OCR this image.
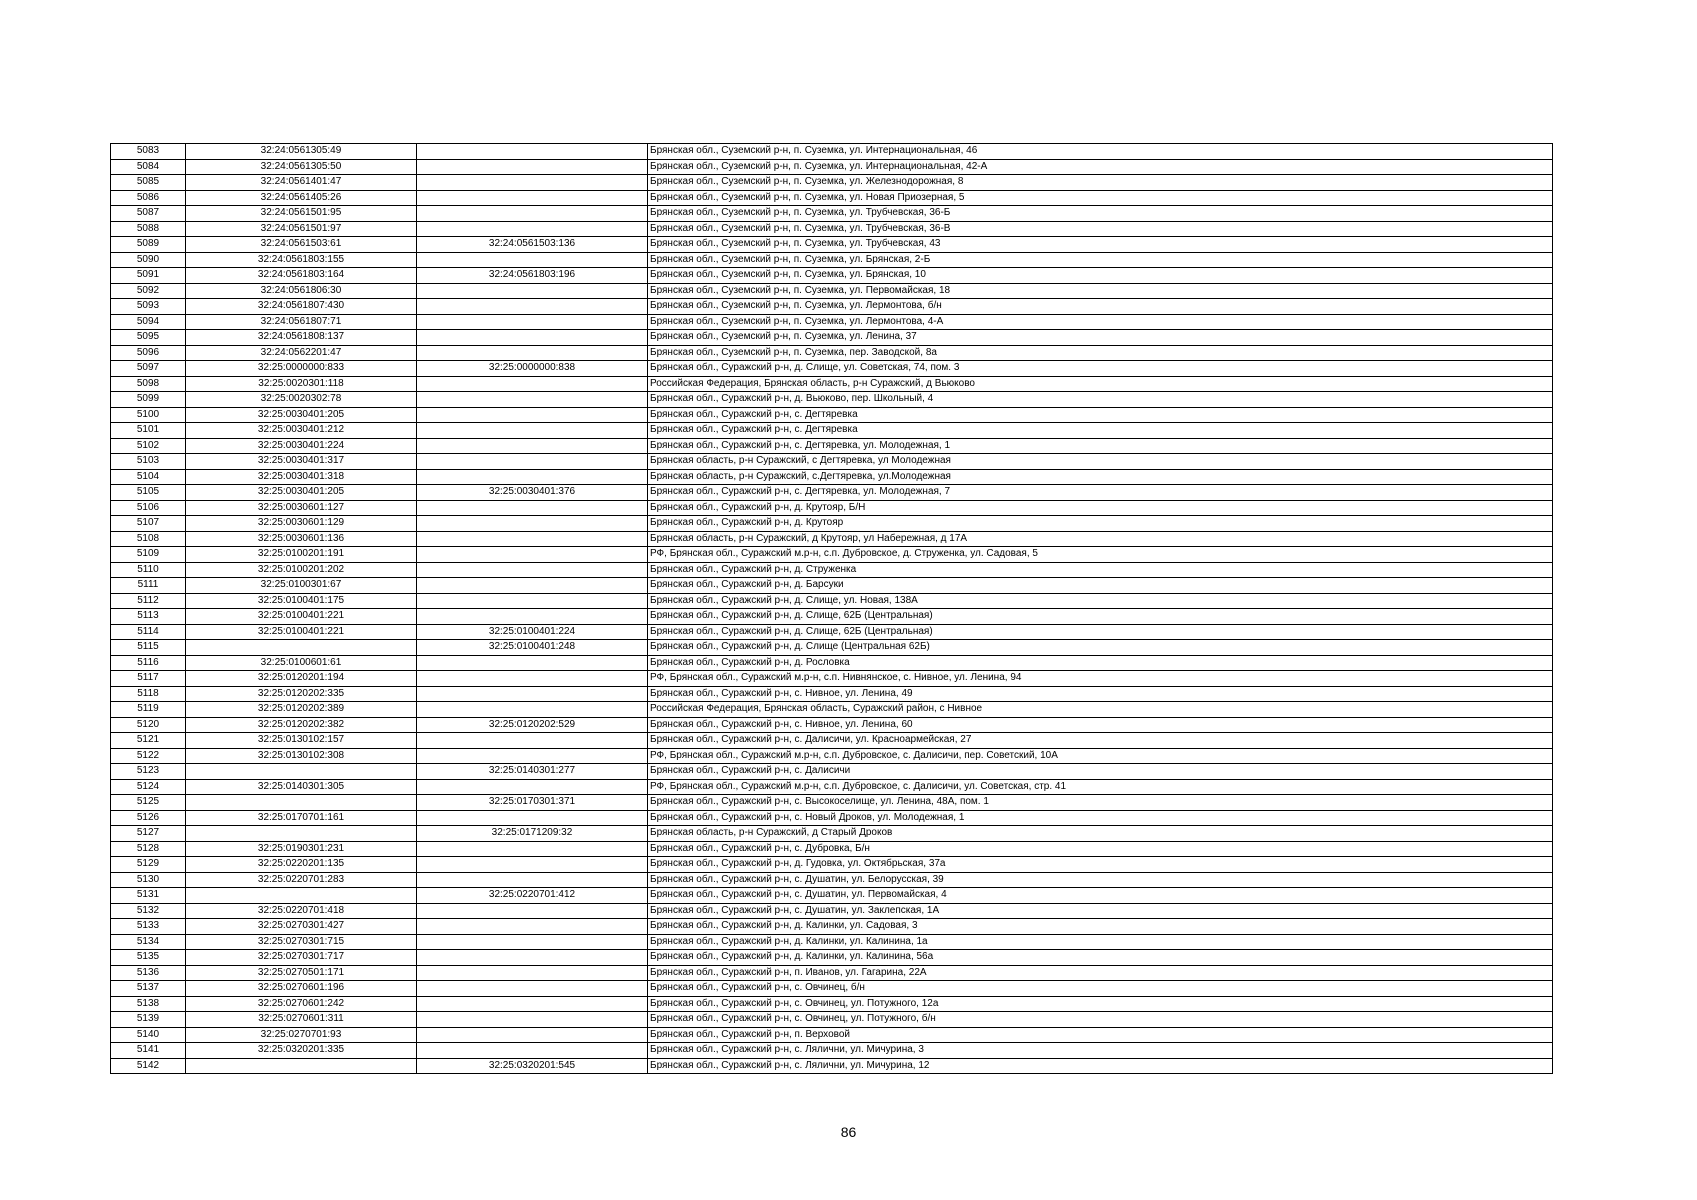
5083	32:24:0561305:49		Брянская обл., Суземский р-н, п. Суземка, ул. Интернациональная, 46
5084	32:24:0561305:50		Брянская обл., Суземский р-н, п. Суземка, ул. Интернациональная, 42-А
5085	32:24:0561401:47		Брянская обл., Суземский р-н, п. Суземка, ул. Железнодорожная, 8
5086	32:24:0561405:26		Брянская обл., Суземский р-н, п. Суземка, ул. Новая Приозерная, 5
5087	32:24:0561501:95		Брянская обл., Суземский р-н, п. Суземка, ул. Трубчевская, 36-Б
5088	32:24:0561501:97		Брянская обл., Суземский р-н, п. Суземка, ул. Трубчевская, 36-В
5089	32:24:0561503:61	32:24:0561503:136	Брянская обл., Суземский р-н, п. Суземка, ул. Трубчевская, 43
5090	32:24:0561803:155		Брянская обл., Суземский р-н, п. Суземка, ул. Брянская, 2-Б
5091	32:24:0561803:164	32:24:0561803:196	Брянская обл., Суземский р-н, п. Суземка, ул. Брянская, 10
5092	32:24:0561806:30		Брянская обл., Суземский р-н, п. Суземка, ул. Первомайская, 18
5093	32:24:0561807:430		Брянская обл., Суземский р-н, п. Суземка, ул. Лермонтова, б/н
5094	32:24:0561807:71		Брянская обл., Суземский р-н, п. Суземка, ул. Лермонтова, 4-А
5095	32:24:0561808:137		Брянская обл., Суземский р-н, п. Суземка, ул. Ленина, 37
5096	32:24:0562201:47		Брянская обл., Суземский р-н, п. Суземка, пер. Заводской, 8а
5097	32:25:0000000:833	32:25:0000000:838	Брянская обл., Суражский р-н, д. Слище, ул. Советская, 74, пом. 3
5098	32:25:0020301:118		Российская Федерация, Брянская область, р-н Суражский, д Вьюково
5099	32:25:0020302:78		Брянская обл., Суражский р-н, д. Вьюково, пер. Школьный, 4
5100	32:25:0030401:205		Брянская обл., Суражский р-н, с. Дегтяревка
5101	32:25:0030401:212		Брянская обл., Суражский р-н, с. Дегтяревка
5102	32:25:0030401:224		Брянская обл., Суражский р-н, с. Дегтяревка, ул. Молодежная, 1
5103	32:25:0030401:317		Брянская область, р-н Суражский, с Дегтяревка, ул Молодежная
5104	32:25:0030401:318		Брянская область, р-н Суражский, с.Дегтяревка, ул.Молодежная
5105	32:25:0030401:205	32:25:0030401:376	Брянская обл., Суражский р-н, с. Дегтяревка, ул. Молодежная, 7
5106	32:25:0030601:127		Брянская обл., Суражский р-н, д. Крутояр, Б/Н
5107	32:25:0030601:129		Брянская обл., Суражский р-н, д. Крутояр
5108	32:25:0030601:136		Брянская область, р-н Суражский, д Крутояр, ул Набережная, д 17А
5109	32:25:0100201:191		РФ, Брянская обл., Суражский м.р-н, с.п. Дубровское, д. Струженка, ул. Садовая, 5
5110	32:25:0100201:202		Брянская обл., Суражский р-н, д. Струженка
5111	32:25:0100301:67		Брянская обл., Суражский р-н, д. Барсуки
5112	32:25:0100401:175		Брянская обл., Суражский р-н, д. Слище, ул. Новая, 138А
5113	32:25:0100401:221		Брянская обл., Суражский р-н, д. Слище, 62Б (Центральная)
5114	32:25:0100401:221	32:25:0100401:224	Брянская обл., Суражский р-н, д. Слище, 62Б (Центральная)
5115		32:25:0100401:248	Брянская обл., Суражский р-н, д. Слище (Центральная 62Б)
5116	32:25:0100601:61		Брянская обл., Суражский р-н, д. Рословка
5117	32:25:0120201:194		РФ, Брянская обл., Суражский м.р-н, с.п. Нивнянское, с. Нивное, ул. Ленина, 94
5118	32:25:0120202:335		Брянская обл., Суражский р-н, с. Нивное, ул. Ленина, 49
5119	32:25:0120202:389		Российская Федерация, Брянская область, Суражский район, с Нивное
5120	32:25:0120202:382	32:25:0120202:529	Брянская обл., Суражский р-н, с. Нивное, ул. Ленина, 60
5121	32:25:0130102:157		Брянская обл., Суражский р-н, с. Далисичи, ул. Красноармейская, 27
5122	32:25:0130102:308		РФ, Брянская обл., Суражский м.р-н, с.п. Дубровское, с. Далисичи, пер. Советский, 10А
5123		32:25:0140301:277	Брянская обл., Суражский р-н, с. Далисичи
5124	32:25:0140301:305		РФ, Брянская обл., Суражский м.р-н, с.п. Дубровское, с. Далисичи, ул. Советская, стр. 41
5125		32:25:0170301:371	Брянская обл., Суражский р-н, с. Высокоселище, ул. Ленина, 48А, пом. 1
5126	32:25:0170701:161		Брянская обл., Суражский р-н, с. Новый Дроков, ул. Молодежная, 1
5127		32:25:0171209:32	Брянская область, р-н Суражский, д Старый Дроков
5128	32:25:0190301:231		Брянская обл., Суражский р-н, с. Дубровка, Б/н
5129	32:25:0220201:135		Брянская обл., Суражский р-н, д. Гудовка, ул. Октябрьская, 37а
5130	32:25:0220701:283		Брянская обл., Суражский р-н, с. Душатин, ул. Белорусская, 39
5131		32:25:0220701:412	Брянская обл., Суражский р-н, с. Душатин, ул. Первомайская, 4
5132	32:25:0220701:418		Брянская обл., Суражский р-н, с. Душатин, ул. Заклепская, 1А
5133	32:25:0270301:427		Брянская обл., Суражский р-н, д. Калинки, ул. Садовая, 3
5134	32:25:0270301:715		Брянская обл., Суражский р-н, д. Калинки, ул. Калинина, 1а
5135	32:25:0270301:717		Брянская обл., Суражский р-н, д. Калинки, ул. Калинина, 56а
5136	32:25:0270501:171		Брянская обл., Суражский р-н, п. Иванов, ул. Гагарина, 22А
5137	32:25:0270601:196		Брянская обл., Суражский р-н, с. Овчинец, б/н
5138	32:25:0270601:242		Брянская обл., Суражский р-н, с. Овчинец, ул. Потужного, 12а
5139	32:25:0270601:311		Брянская обл., Суражский р-н, с. Овчинец, ул. Потужного, б/н
5140	32:25:0270701:93		Брянская обл., Суражский р-н, п. Верховой
5141	32:25:0320201:335		Брянская обл., Суражский р-н, с. Лялични, ул. Мичурина, 3
5142		32:25:0320201:545	Брянская обл., Суражский р-н, с. Лялични, ул. Мичурина, 12
86
